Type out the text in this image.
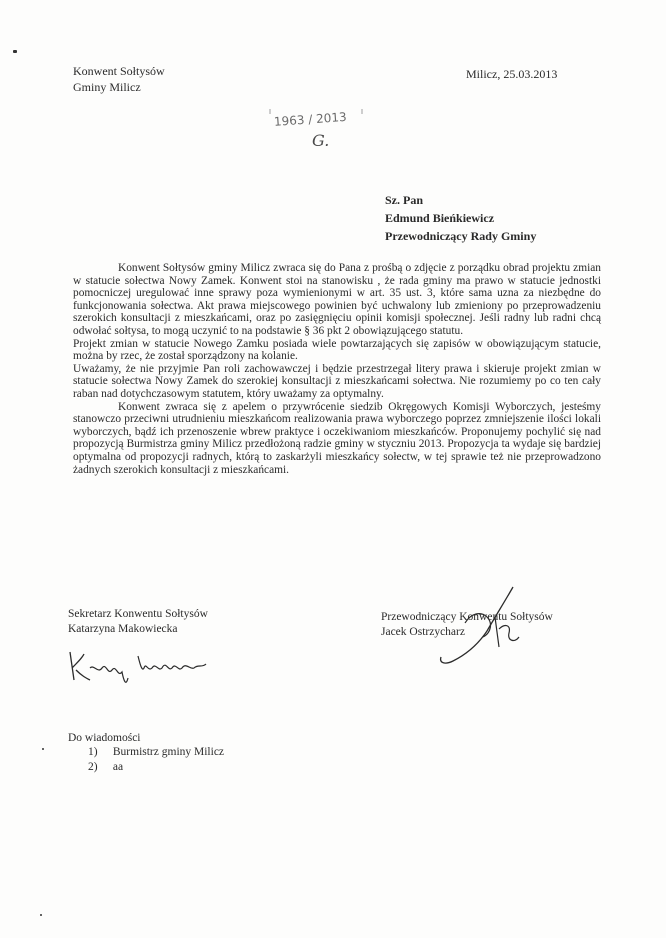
Konwent Sołtysów
Gminy Milicz
Milicz, 25.03.2013
1963 / 2013
G.
Sz. Pan
Edmund Bieńkiewicz
Przewodniczący Rady Gminy

Konwent Sołtysów gminy Milicz zwraca się do Pana z prośbą o zdjęcie z porządku obrad projektu zmian w statucie sołectwa Nowy Zamek. Konwent stoi na stanowisku , że rada gminy ma prawo w statucie jednostki pomocniczej uregulować inne sprawy poza wymienionymi w art. 35 ust. 3, które sama uzna za niezbędne do funkcjonowania sołectwa. Akt prawa miejscowego powinien być uchwalony lub zmieniony po przeprowadzeniu szerokich konsultacji z mieszkańcami, oraz po zasięgnięciu opinii komisji społecznej. Jeśli radny lub radni chcą odwołać sołtysa, to mogą uczynić to na podstawie § 36 pkt 2 obowiązującego statutu.

Projekt zmian w statucie Nowego Zamku posiada wiele powtarzających się zapisów w obowiązującym statucie, można by rzec, że został sporządzony na kolanie.

Uważamy, że nie przyjmie Pan roli zachowawczej i będzie przestrzegał litery prawa i skieruje projekt zmian w statucie sołectwa Nowy Zamek do szerokiej konsultacji z mieszkańcami sołectwa. Nie rozumiemy po co ten cały raban nad dotychczasowym statutem, który uważamy za optymalny.

Konwent zwraca się z apelem o przywrócenie siedzib Okręgowych Komisji Wyborczych, jesteśmy stanowczo przeciwni utrudnieniu mieszkańcom realizowania prawa wyborczego poprzez zmniejszenie ilości lokali wyborczych, bądź ich przenoszenie wbrew praktyce i oczekiwaniom mieszkańców. Proponujemy pochylić się nad propozycją Burmistrza gminy Milicz przedłożoną radzie gminy w styczniu 2013. Propozycja ta wydaje się bardziej optymalna od propozycji radnych, którą to zaskarżyli mieszkańcy sołectw, w tej sprawie też nie przeprowadzono żadnych szerokich konsultacji z mieszkańcami.

Sekretarz Konwentu Sołtysów
Katarzyna Makowiecka
Przewodniczący Konwentu Sołtysów
Jacek Ostrzycharz
Do wiadomości
1) Burmistrz gminy Milicz
2) aa
